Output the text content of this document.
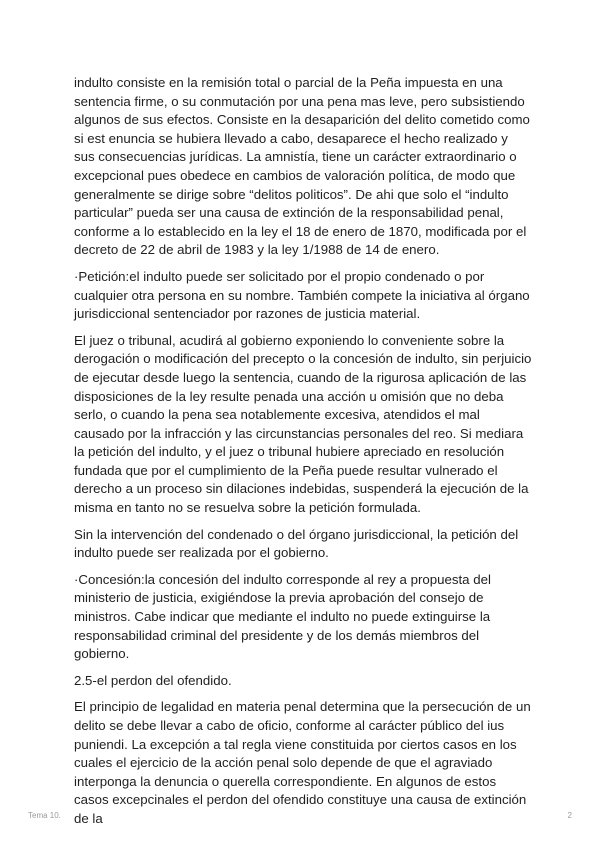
indulto consiste en la remisión total o parcial de la Peña impuesta en una sentencia firme, o su conmutación por una pena mas leve, pero subsistiendo algunos de sus efectos. Consiste en la desaparición del delito cometido como si est enuncia se hubiera llevado a cabo, desaparece el hecho realizado y sus consecuencias jurídicas. La amnistía, tiene un carácter extraordinario o excepcional pues obedece en cambios de valoración política, de modo que generalmente se dirige sobre “delitos politicos”. De ahi que solo el “indulto particular” pueda ser una causa de extinción de la responsabilidad penal, conforme a lo establecido en la ley el 18 de enero de 1870, modificada por el decreto de 22 de abril de 1983 y la ley 1/1988 de 14 de enero.

·Petición:el indulto puede ser solicitado por el propio condenado o por cualquier otra persona en su nombre. También compete la iniciativa al órgano jurisdiccional sentenciador por razones de justicia material.

El juez o tribunal, acudirá al gobierno exponiendo lo conveniente sobre la derogación o modificación del precepto o la concesión de indulto, sin perjuicio de ejecutar desde luego la sentencia, cuando de la rigurosa aplicación de las disposiciones de la ley resulte penada una acción u omisión que no deba serlo, o cuando la pena sea notablemente excesiva, atendidos el mal causado por la infracción y las circunstancias personales del reo. Si mediara la petición del indulto, y el juez o tribunal hubiere apreciado en resolución fundada que por el cumplimiento de la Peña puede resultar vulnerado el derecho a un proceso sin dilaciones indebidas, suspenderá la ejecución de la misma en tanto no se resuelva sobre la petición formulada.

Sin la intervención del condenado o del órgano jurisdiccional, la petición del indulto puede ser realizada por el gobierno.

·Concesión:la concesión del indulto corresponde al rey a propuesta del ministerio de justicia, exigiéndose la previa aprobación del consejo de ministros. Cabe indicar que mediante el indulto no puede extinguirse la responsabilidad criminal del presidente y de los demás miembros del gobierno.

2.5-el perdon del ofendido.

El principio de legalidad en materia penal determina que la persecución de un delito se debe llevar a cabo de oficio, conforme al carácter público del ius puniendi. La excepción a tal regla viene constituida por ciertos casos en los cuales el ejercicio de la acción penal solo depende de que el agraviado interponga la denuncia o querella correspondiente. En algunos de estos casos excepcinales el perdon del ofendido constituye una causa de extinción de la

Tema 10.	2
